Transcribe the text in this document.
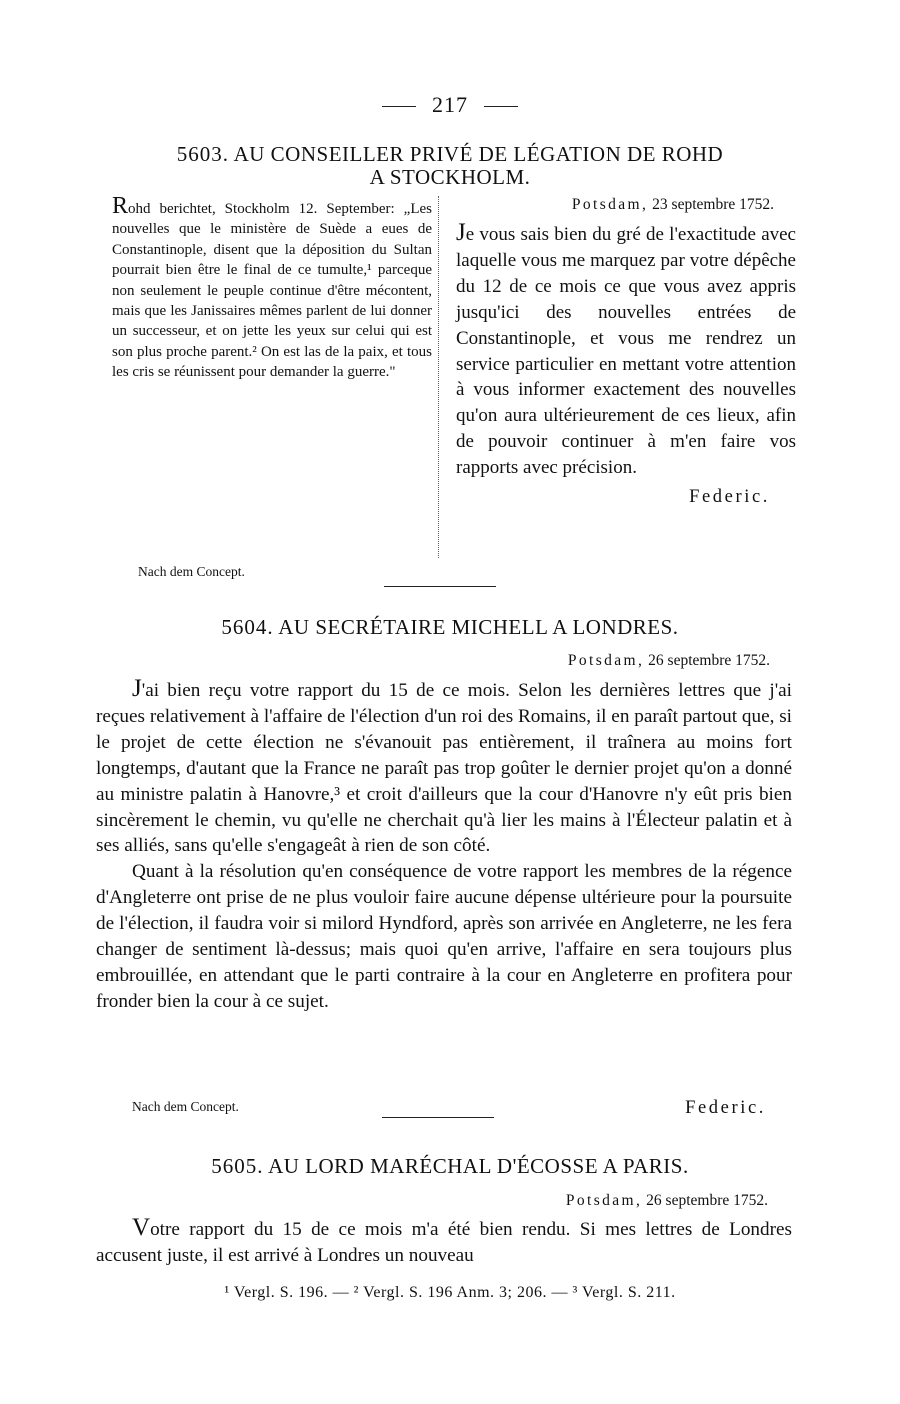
217
5603. AU CONSEILLER PRIVÉ DE LÉGATION DE ROHD
A STOCKHOLM.
Rohd berichtet, Stockholm 12. September: „Les nouvelles que le ministère de Suède a eues de Constantinople, disent que la déposition du Sultan pourrait bien être le final de ce tumulte,¹ parceque non seulement le peuple continue d'être mécontent, mais que les Janissaires mêmes parlent de lui donner un successeur, et on jette les yeux sur celui qui est son plus proche parent.² On est las de la paix, et tous les cris se réunissent pour demander la guerre."
Potsdam, 23 septembre 1752.
Je vous sais bien du gré de l'exactitude avec laquelle vous me marquez par votre dépêche du 12 de ce mois ce que vous avez appris jusqu'ici des nouvelles entrées de Constantinople, et vous me rendrez un service particulier en mettant votre attention à vous informer exactement des nouvelles qu'on aura ultérieurement de ces lieux, afin de pouvoir continuer à m'en faire vos rapports avec précision.
Federic.
Nach dem Concept.
5604. AU SECRÉTAIRE MICHELL A LONDRES.
Potsdam, 26 septembre 1752.

J'ai bien reçu votre rapport du 15 de ce mois. Selon les dernières lettres que j'ai reçues relativement à l'affaire de l'élection d'un roi des Romains, il en paraît partout que, si le projet de cette élection ne s'évanouit pas entièrement, il traînera au moins fort longtemps, d'autant que la France ne paraît pas trop goûter le dernier projet qu'on a donné au ministre palatin à Hanovre,³ et croit d'ailleurs que la cour d'Hanovre n'y eût pris bien sincèrement le chemin, vu qu'elle ne cherchait qu'à lier les mains à l'Électeur palatin et à ses alliés, sans qu'elle s'engageât à rien de son côté.

Quant à la résolution qu'en conséquence de votre rapport les membres de la régence d'Angleterre ont prise de ne plus vouloir faire aucune dépense ultérieure pour la poursuite de l'élection, il faudra voir si milord Hyndford, après son arrivée en Angleterre, ne les fera changer de sentiment là-dessus; mais quoi qu'en arrive, l'affaire en sera toujours plus embrouillée, en attendant que le parti contraire à la cour en Angleterre en profitera pour fronder bien la cour à ce sujet.

Nach dem Concept.	Federic.
5605. AU LORD MARÉCHAL D'ÉCOSSE A PARIS.
Potsdam, 26 septembre 1752.

Votre rapport du 15 de ce mois m'a été bien rendu. Si mes lettres de Londres accusent juste, il est arrivé à Londres un nouveau

¹ Vergl. S. 196. — ² Vergl. S. 196 Anm. 3; 206. — ³ Vergl. S. 211.
